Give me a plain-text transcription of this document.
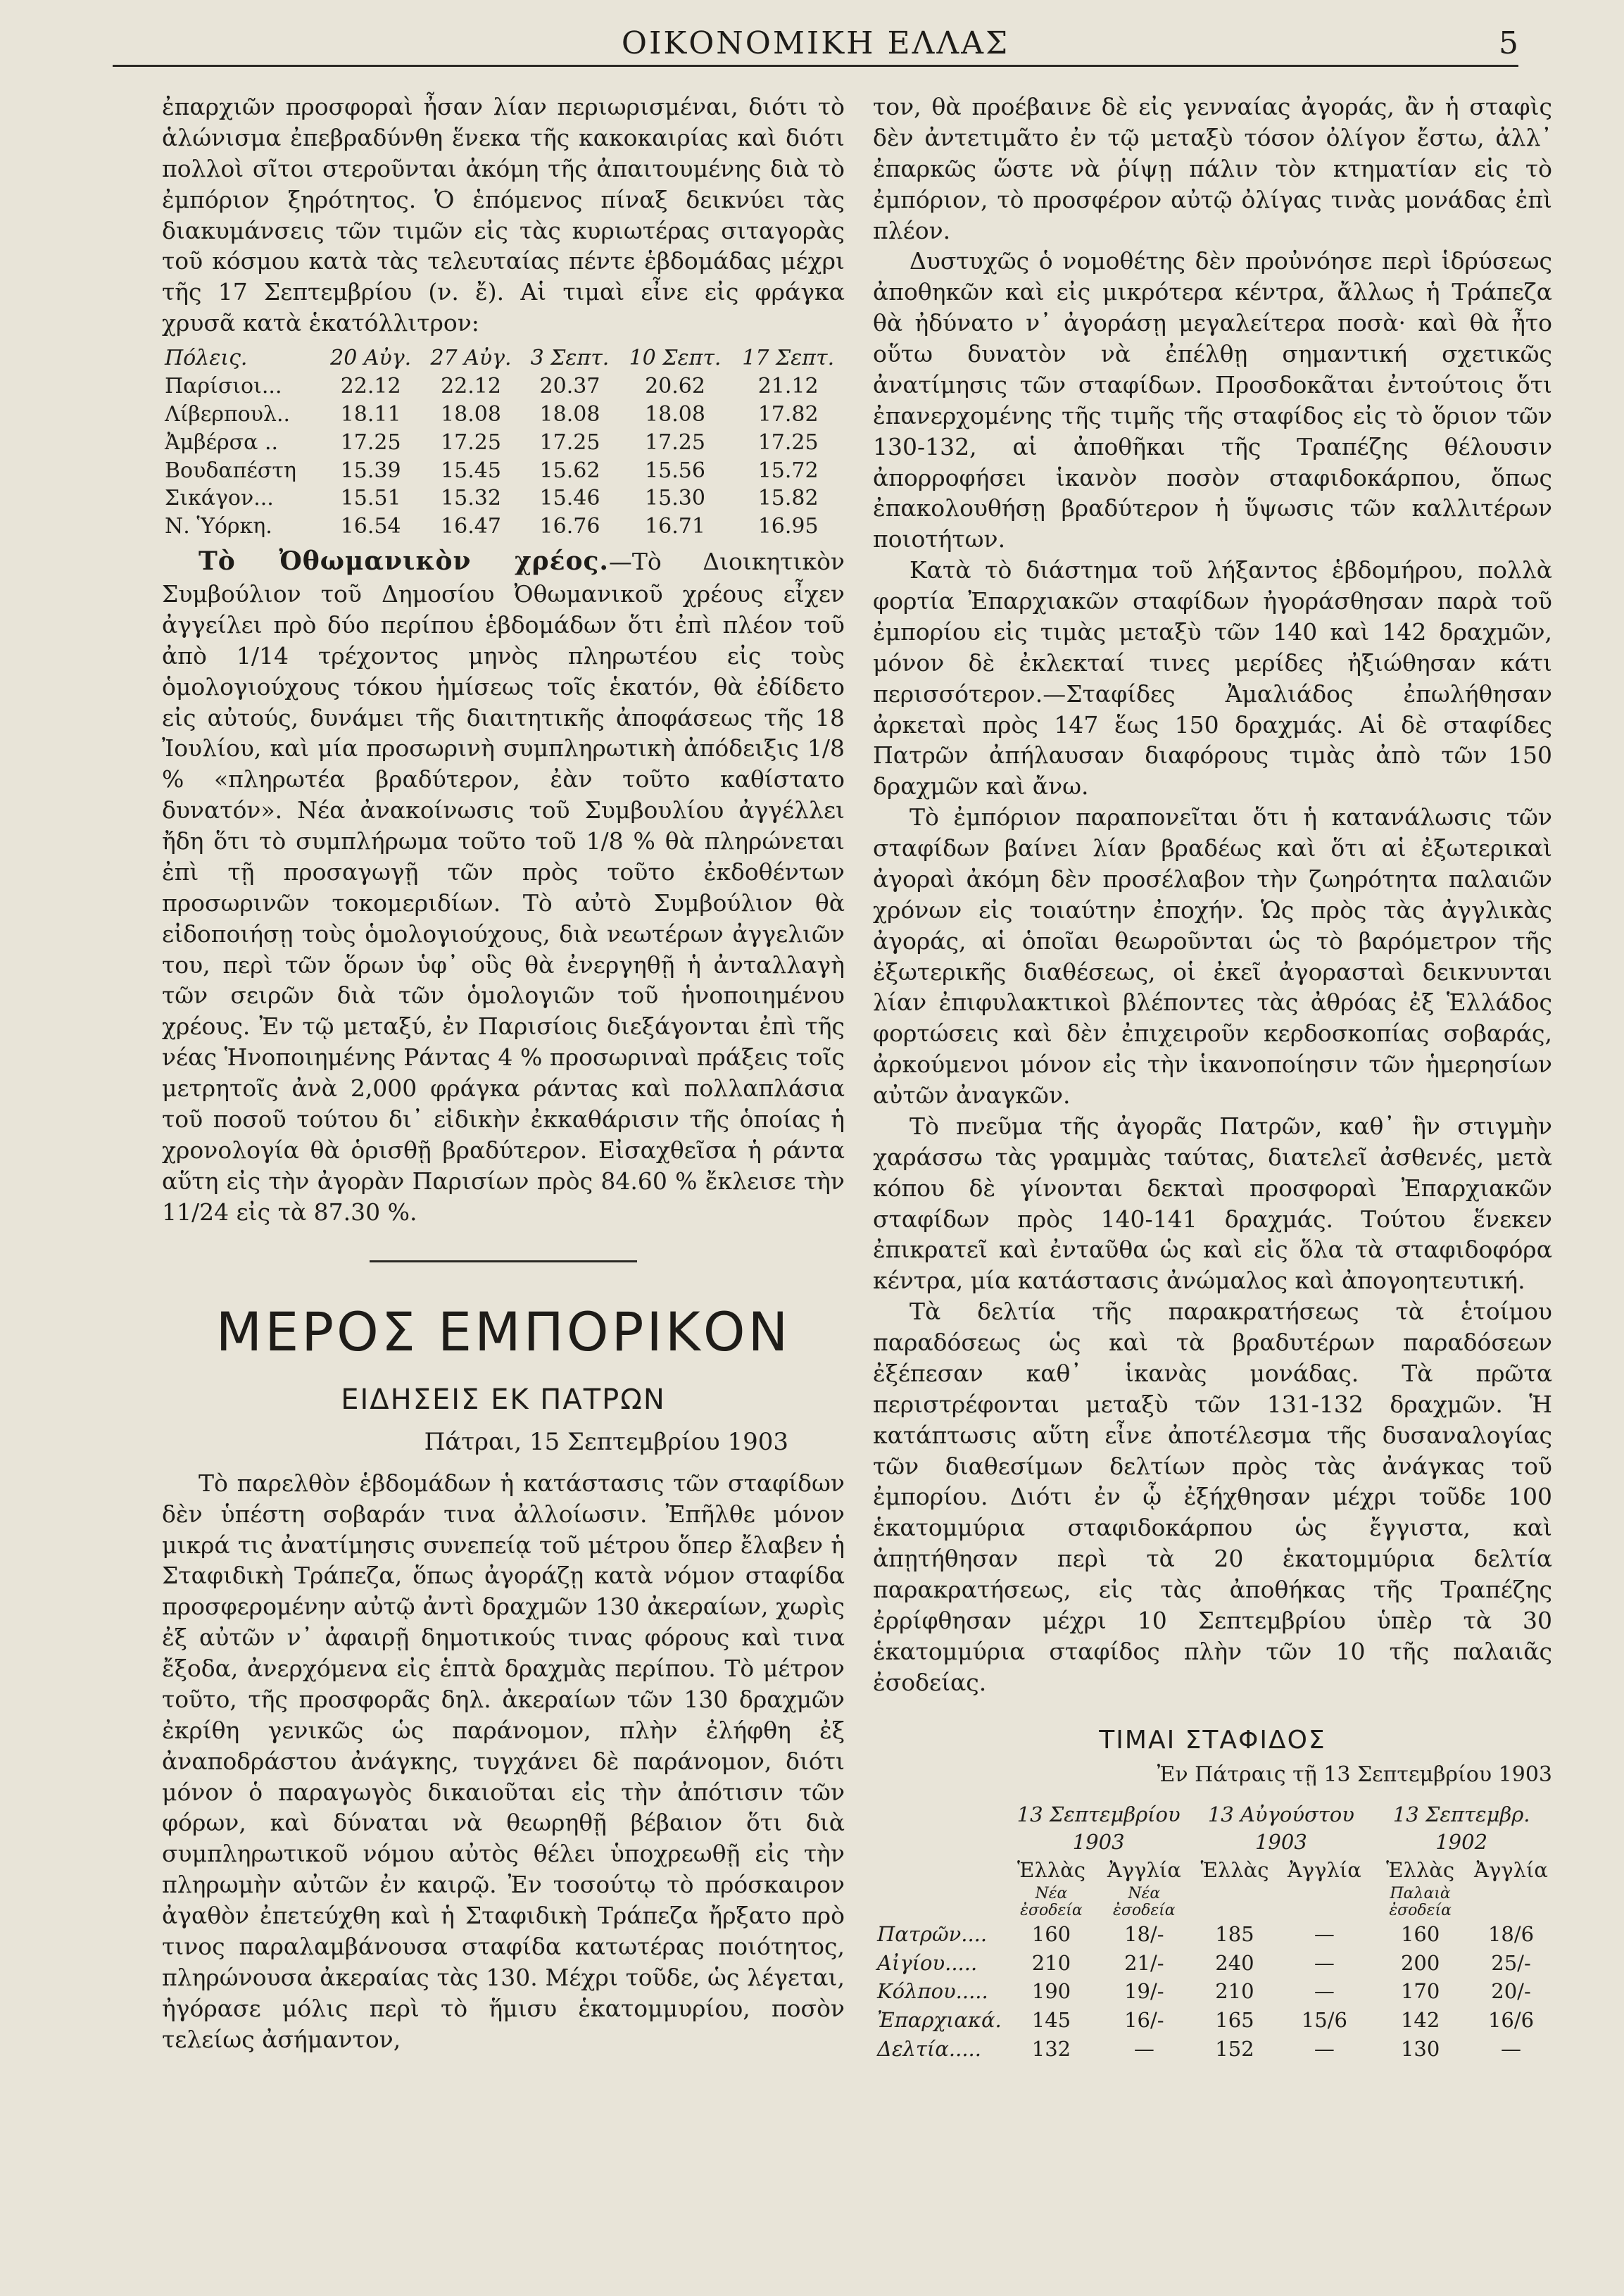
ΟΙΚΟΝΟΜΙΚΗ ΕΛΛΑΣ	5

ἐπαρχιῶν προσφοραὶ ἦσαν λίαν περιωρισμέναι, διότι τὸ ἁλώνισμα ἐπεβραδύνθη ἕνεκα τῆς κακοκαιρίας καὶ διότι πολλοὶ σῖτοι στεροῦνται ἀκόμη τῆς ἀπαιτουμένης διὰ τὸ ἐμπόριον ξηρότητος. Ὁ ἑπόμενος πίναξ δεικνύει τὰς διακυμάνσεις τῶν τιμῶν εἰς τὰς κυριωτέρας σιταγορὰς τοῦ κόσμου κατὰ τὰς τελευταίας πέντε ἑβδομάδας μέχρι τῆς 17 Σεπτεμβρίου (ν. ἔ). Αἱ τιμαὶ εἶνε εἰς φράγκα χρυσᾶ κατὰ ἑκατόλλιτρον:

Πόλεις.	20 Αὐγ.	27 Αὐγ.	3 Σεπτ.	10 Σεπτ.	17 Σεπτ.
Παρίσιοι...	22.12	22.12	20.37	20.62	21.12
Λίβερπουλ..	18.11	18.08	18.08	18.08	17.82
Ἀμβέρσα ..	17.25	17.25	17.25	17.25	17.25
Βουδαπέστη	15.39	15.45	15.62	15.56	15.72
Σικάγον...	15.51	15.32	15.46	15.30	15.82
Ν. Ὑόρκη.	16.54	16.47	16.76	16.71	16.95

Τὸ Ὀθωμανικὸν χρέος.—Τὸ Διοικητικὸν Συμβούλιον τοῦ Δημοσίου Ὀθωμανικοῦ χρέους εἶχεν ἀγγείλει πρὸ δύο περίπου ἑβδομάδων ὅτι ἐπὶ πλέον τοῦ ἀπὸ 1/14 τρέχοντος μηνὸς πληρωτέου εἰς τοὺς ὁμολογιούχους τόκου ἡμίσεως τοῖς ἑκατόν, θὰ ἐδίδετο εἰς αὐτούς, δυνάμει τῆς διαιτητικῆς ἀποφάσεως τῆς 18 Ἰουλίου, καὶ μία προσωρινὴ συμπληρωτικὴ ἀπόδειξις 1/8 % «πληρωτέα βραδύτερον, ἐὰν τοῦτο καθίστατο δυνατόν». Νέα ἀνακοίνωσις τοῦ Συμβουλίου ἀγγέλλει ἤδη ὅτι τὸ συμπλήρωμα τοῦτο τοῦ 1/8 % θὰ πληρώνεται ἐπὶ τῇ προσαγωγῇ τῶν πρὸς τοῦτο ἐκδοθέντων προσωρινῶν τοκομεριδίων. Τὸ αὐτὸ Συμβούλιον θὰ εἰδοποιήσῃ τοὺς ὁμολογιούχους, διὰ νεωτέρων ἀγγελιῶν του, περὶ τῶν ὅρων ὑφ᾽ οὓς θὰ ἐνεργηθῇ ἡ ἀνταλλαγὴ τῶν σειρῶν διὰ τῶν ὁμολογιῶν τοῦ ἡνοποιημένου χρέους. Ἐν τῷ μεταξύ, ἐν Παρισίοις διεξάγονται ἐπὶ τῆς νέας Ἡνοποιημένης Ράντας 4 % προσωριναὶ πράξεις τοῖς μετρητοῖς ἀνὰ 2,000 φράγκα ράντας καὶ πολλαπλάσια τοῦ ποσοῦ τούτου δι᾽ εἰδικὴν ἐκκαθάρισιν τῆς ὁποίας ἡ χρονολογία θὰ ὁρισθῇ βραδύτερον. Εἰσαχθεῖσα ἡ ράντα αὕτη εἰς τὴν ἀγορὰν Παρισίων πρὸς 84.60 % ἔκλεισε τὴν 11/24 εἰς τὰ 87.30 %.

ΜΕΡΟΣ ΕΜΠΟΡΙΚΟΝ
ΕΙΔΗΣΕΙΣ ΕΚ ΠΑΤΡΩΝ
Πάτραι, 15 Σεπτεμβρίου 1903

Τὸ παρελθὸν ἑβδομάδων ἡ κατάστασις τῶν σταφίδων δὲν ὑπέστη σοβαράν τινα ἀλλοίωσιν. Ἐπῆλθε μόνον μικρά τις ἀνατίμησις συνεπείᾳ τοῦ μέτρου ὅπερ ἔλαβεν ἡ Σταφιδικὴ Τράπεζα, ὅπως ἀγοράζῃ κατὰ νόμον σταφίδα προσφερομένην αὐτῷ ἀντὶ δραχμῶν 130 ἀκεραίων, χωρὶς ἐξ αὐτῶν ν᾽ ἀφαιρῇ δημοτικούς τινας φόρους καὶ τινα ἔξοδα, ἀνερχόμενα εἰς ἑπτὰ δραχμὰς περίπου. Τὸ μέτρον τοῦτο, τῆς προσφορᾶς δηλ. ἀκεραίων τῶν 130 δραχμῶν ἐκρίθη γενικῶς ὡς παράνομον, πλὴν ἐλήφθη ἐξ ἀναποδράστου ἀνάγκης, τυγχάνει δὲ παράνομον, διότι μόνον ὁ παραγωγὸς δικαιοῦται εἰς τὴν ἀπότισιν τῶν φόρων, καὶ δύναται νὰ θεωρηθῇ βέβαιον ὅτι διὰ συμπληρωτικοῦ νόμου αὐτὸς θέλει ὑποχρεωθῇ εἰς τὴν πληρωμὴν αὐτῶν ἐν καιρῷ. Ἐν τοσούτῳ τὸ πρόσκαιρον ἀγαθὸν ἐπετεύχθη καὶ ἡ Σταφιδικὴ Τράπεζα ἤρξατο πρὸ τινος παραλαμβάνουσα σταφίδα κατωτέρας ποιότητος, πληρώνουσα ἀκεραίας τὰς 130. Μέχρι τοῦδε, ὡς λέγεται, ἠγόρασε μόλις περὶ τὸ ἥμισυ ἑκατομμυρίου, ποσὸν τελείως ἀσήμαντον,

τον, θὰ προέβαινε δὲ εἰς γενναίας ἀγοράς, ἂν ἡ σταφὶς δὲν ἀντετιμᾶτο ἐν τῷ μεταξὺ τόσον ὀλίγον ἔστω, ἀλλ᾽ ἐπαρκῶς ὥστε νὰ ῥίψῃ πάλιν τὸν κτηματίαν εἰς τὸ ἐμπόριον, τὸ προσφέρον αὐτῷ ὀλίγας τινὰς μονάδας ἐπὶ πλέον.

Δυστυχῶς ὁ νομοθέτης δὲν προὐνόησε περὶ ἱδρύσεως ἀποθηκῶν καὶ εἰς μικρότερα κέντρα, ἄλλως ἡ Τράπεζα θὰ ἠδύνατο ν᾽ ἀγοράσῃ μεγαλείτερα ποσὰ· καὶ θὰ ἦτο οὕτω δυνατὸν νὰ ἐπέλθῃ σημαντική σχετικῶς ἀνατίμησις τῶν σταφίδων. Προσδοκᾶται ἐντούτοις ὅτι ἐπανερχομένης τῆς τιμῆς τῆς σταφίδος εἰς τὸ ὅριον τῶν 130-132, αἱ ἀποθῆκαι τῆς Τραπέζης θέλουσιν ἀπορροφήσει ἱκανὸν ποσὸν σταφιδοκάρπου, ὅπως ἐπακολουθήσῃ βραδύτερον ἡ ὕψωσις τῶν καλλιτέρων ποιοτήτων.

Κατὰ τὸ διάστημα τοῦ λήξαντος ἑβδομήρου, πολλὰ φορτία Ἐπαρχιακῶν σταφίδων ἠγοράσθησαν παρὰ τοῦ ἐμπορίου εἰς τιμὰς μεταξὺ τῶν 140 καὶ 142 δραχμῶν, μόνον δὲ ἐκλεκταί τινες μερίδες ἠξιώθησαν κάτι περισσότερον.—Σταφίδες Ἀμαλιάδος ἐπωλήθησαν ἀρκεταὶ πρὸς 147 ἕως 150 δραχμάς. Αἱ δὲ σταφίδες Πατρῶν ἀπήλαυσαν διαφόρους τιμὰς ἀπὸ τῶν 150 δραχμῶν καὶ ἄνω.

Τὸ ἐμπόριον παραπονεῖται ὅτι ἡ κατανάλωσις τῶν σταφίδων βαίνει λίαν βραδέως καὶ ὅτι αἱ ἐξωτερικαὶ ἀγοραὶ ἀκόμη δὲν προσέλαβον τὴν ζωηρότητα παλαιῶν χρόνων εἰς τοιαύτην ἐποχήν. Ὡς πρὸς τὰς ἀγγλικὰς ἀγοράς, αἱ ὁποῖαι θεωροῦνται ὡς τὸ βαρόμετρον τῆς ἐξωτερικῆς διαθέσεως, οἱ ἐκεῖ ἀγορασταὶ δεικνυνται λίαν ἐπιφυλακτικοὶ βλέποντες τὰς ἀθρόας ἐξ Ἑλλάδος φορτώσεις καὶ δὲν ἐπιχειροῦν κερδοσκοπίας σοβαράς, ἀρκούμενοι μόνον εἰς τὴν ἱκανοποίησιν τῶν ἡμερησίων αὐτῶν ἀναγκῶν.

Τὸ πνεῦμα τῆς ἀγορᾶς Πατρῶν, καθ᾽ ἣν στιγμὴν χαράσσω τὰς γραμμὰς ταύτας, διατελεῖ ἀσθενές, μετὰ κόπου δὲ γίνονται δεκταὶ προσφοραὶ Ἐπαρχιακῶν σταφίδων πρὸς 140-141 δραχμάς. Τούτου ἕνεκεν ἐπικρατεῖ καὶ ἐνταῦθα ὡς καὶ εἰς ὅλα τὰ σταφιδοφόρα κέντρα, μία κατάστασις ἀνώμαλος καὶ ἀπογοητευτική.

Τὰ δελτία τῆς παρακρατήσεως τὰ ἑτοίμου παραδόσεως ὡς καὶ τὰ βραδυτέρων παραδόσεων ἐξέπεσαν καθ᾽ ἱκανὰς μονάδας. Τὰ πρῶτα περιστρέφονται μεταξὺ τῶν 131-132 δραχμῶν. Ἡ κατάπτωσις αὕτη εἶνε ἀποτέλεσμα τῆς δυσαναλογίας τῶν διαθεσίμων δελτίων πρὸς τὰς ἀνάγκας τοῦ ἐμπορίου. Διότι ἐν ᾧ ἐξήχθησαν μέχρι τοῦδε 100 ἑκατομμύρια σταφιδοκάρπου ὡς ἔγγιστα, καὶ ἀπῃτήθησαν περὶ τὰ 20 ἑκατομμύρια δελτία παρακρατήσεως, εἰς τὰς ἀποθήκας τῆς Τραπέζης ἐρρίφθησαν μέχρι 10 Σεπτεμβρίου ὑπὲρ τὰ 30 ἑκατομμύρια σταφίδος πλὴν τῶν 10 τῆς παλαιᾶς ἐσοδείας.

ΤΙΜΑΙ ΣΤΑΦΙΔΟΣ
Ἐν Πάτραις τῇ 13 Σεπτεμβρίου 1903
	13 Σεπτεμβρίου 1903		13 Αὐγούστου 1903		13 Σεπτεμβρ. 1902	
	Ἑλλὰς	Ἀγγλία	Ἑλλὰς	Ἀγγλία	Ἑλλὰς	Ἀγγλία
	Νέα ἐσοδεία	Νέα ἐσοδεία			Παλαιὰ ἐσοδεία	
Πατρῶν....	160	18/-	185	—	160	18/6
Αἰγίου.....	210	21/-	240	—	200	25/-
Κόλπου.....	190	19/-	210	—	170	20/-
Ἐπαρχιακά.	145	16/-	165	15/6	142	16/6
Δελτία.....	132	—	152	—	130	—
